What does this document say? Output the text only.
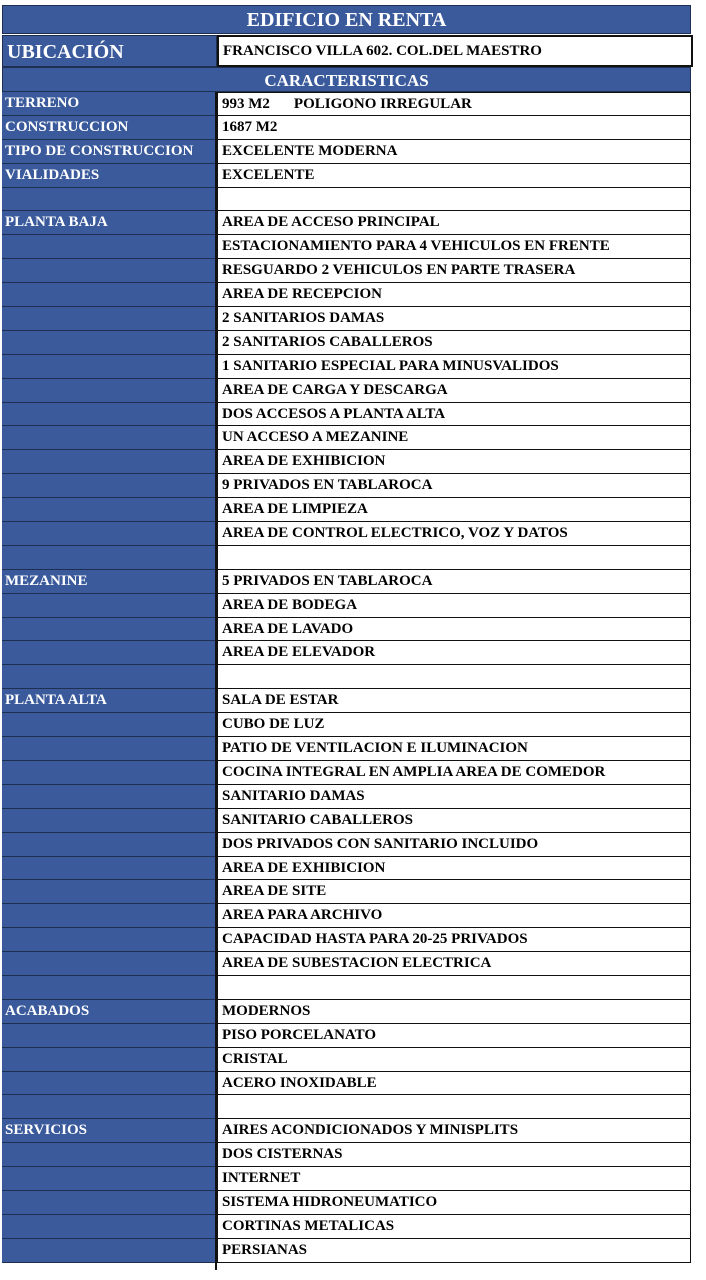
EDIFICIO EN RENTA
UBICACIÓN	FRANCISCO VILLA 602. COL.DEL MAESTRO
CARACTERISTICAS
TERRENO	993 M2 POLIGONO IRREGULAR
CONSTRUCCION	1687 M2
TIPO DE CONSTRUCCION	EXCELENTE MODERNA
VIALIDADES	EXCELENTE
PLANTA BAJA	AREA DE ACCESO PRINCIPAL
ESTACIONAMIENTO PARA 4 VEHICULOS EN FRENTE
RESGUARDO 2 VEHICULOS EN PARTE TRASERA
AREA DE RECEPCION
2 SANITARIOS DAMAS
2 SANITARIOS CABALLEROS
1 SANITARIO ESPECIAL PARA MINUSVALIDOS
AREA DE CARGA Y DESCARGA
DOS ACCESOS A PLANTA ALTA
UN ACCESO A MEZANINE
AREA DE EXHIBICION
9 PRIVADOS EN TABLAROCA
AREA DE LIMPIEZA
AREA DE CONTROL ELECTRICO, VOZ Y DATOS
MEZANINE	5 PRIVADOS EN TABLAROCA
AREA DE BODEGA
AREA DE LAVADO
AREA DE ELEVADOR
PLANTA ALTA	SALA DE ESTAR
CUBO DE LUZ
PATIO DE VENTILACION E ILUMINACION
COCINA INTEGRAL EN AMPLIA AREA DE COMEDOR
SANITARIO DAMAS
SANITARIO CABALLEROS
DOS PRIVADOS CON SANITARIO INCLUIDO
AREA DE EXHIBICION
AREA DE SITE
AREA PARA ARCHIVO
CAPACIDAD HASTA PARA 20-25 PRIVADOS
AREA DE SUBESTACION ELECTRICA
ACABADOS	MODERNOS
PISO PORCELANATO
CRISTAL
ACERO INOXIDABLE
SERVICIOS	AIRES ACONDICIONADOS Y MINISPLITS
DOS CISTERNAS
INTERNET
SISTEMA HIDRONEUMATICO
CORTINAS METALICAS
PERSIANAS
